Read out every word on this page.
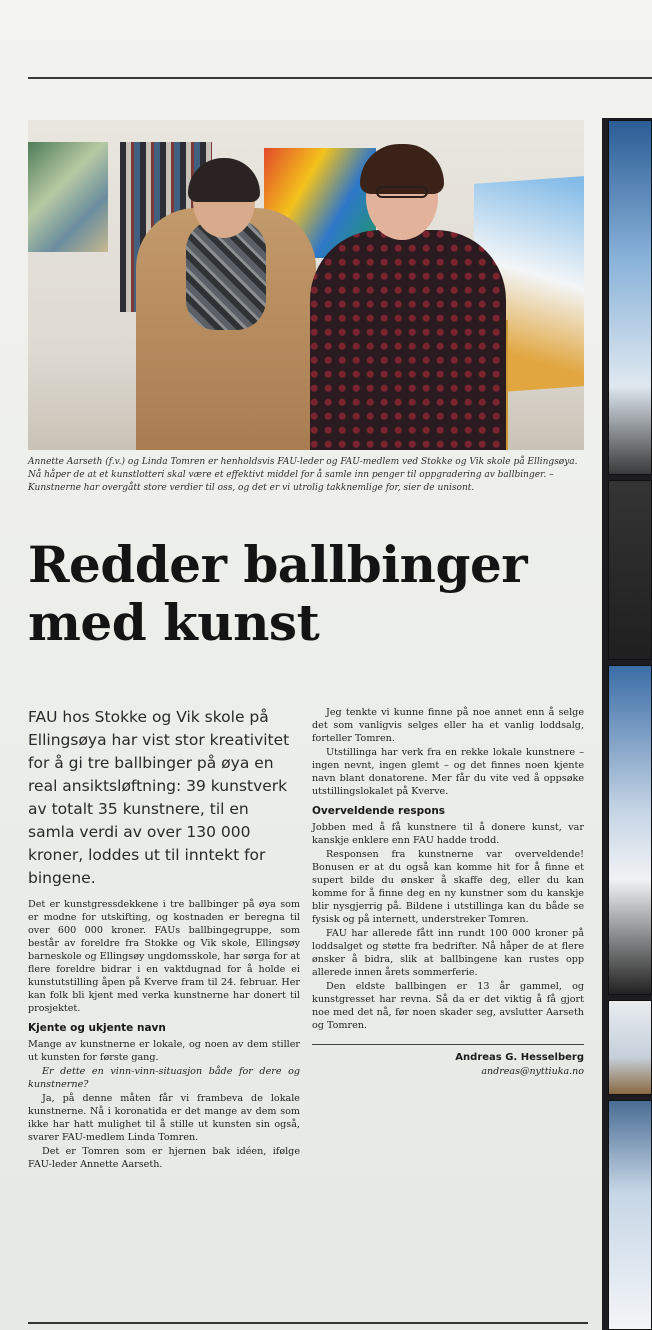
Annette Aarseth (f.v.) og Linda Tomren er henholdsvis FAU-leder og FAU-medlem ved Stokke og Vik skole på Ellingsøya. Nå håper de at et kunstlotteri skal være et effektivt middel for å samle inn penger til oppgradering av ballbinger. – Kunstnerne har overgått store verdier til oss, og det er vi utrolig takknemlige for, sier de unisont.

Redder ballbinger
med kunst

FAU hos Stokke og Vik skole på Ellingsøya har vist stor kreativitet for å gi tre ballbinger på øya en real ansiktsløftning: 39 kunstverk av totalt 35 kunstnere, til en samla verdi av over 130 000 kroner, loddes ut til inntekt for bingene.

Det er kunstgressdekkene i tre ballbinger på øya som er modne for utskifting, og kostnaden er beregna til over 600 000 kroner. FAUs ballbingegruppe, som består av foreldre fra Stokke og Vik skole, Ellingsøy barneskole og Ellingsøy ungdomsskole, har sørga for at flere foreldre bidrar i en vaktdugnad for å holde ei kunstutstilling åpen på Kverve fram til 24. februar. Her kan folk bli kjent med verka kunstnerne har donert til prosjektet.

Kjente og ukjente navn

Mange av kunstnerne er lokale, og noen av dem stiller ut kunsten for første gang.

Er dette en vinn-vinn-situasjon både for dere og kunstnerne?

Ja, på denne måten får vi frambeva de lokale kunstnerne. Nå i koronatida er det mange av dem som ikke har hatt mulighet til å stille ut kunsten sin også, svarer FAU-medlem Linda Tomren.

Det er Tomren som er hjernen bak idéen, ifølge FAU-leder Annette Aarseth.

Jeg tenkte vi kunne finne på noe annet enn å selge det som vanligvis selges eller ha et vanlig loddsalg, forteller Tomren.

Utstillinga har verk fra en rekke lokale kunstnere – ingen nevnt, ingen glemt – og det finnes noen kjente navn blant donatorene. Mer får du vite ved å oppsøke utstillingslokalet på Kverve.

Overveldende respons

Jobben med å få kunstnere til å donere kunst, var kanskje enklere enn FAU hadde trodd.

Responsen fra kunstnerne var overveldende! Bonusen er at du også kan komme hit for å finne et supert bilde du ønsker å skaffe deg, eller du kan komme for å finne deg en ny kunstner som du kanskje blir nysgjerrig på. Bildene i utstillinga kan du både se fysisk og på internett, understreker Tomren.

FAU har allerede fått inn rundt 100 000 kroner på loddsalget og støtte fra bedrifter. Nå håper de at flere ønsker å bidra, slik at ballbingene kan rustes opp allerede innen årets sommerferie.

Den eldste ballbingen er 13 år gammel, og kunstgresset har revna. Så da er det viktig å få gjort noe med det nå, før noen skader seg, avslutter Aarseth og Tomren.

Andreas G. Hesselberg

andreas@nyttiuka.no
